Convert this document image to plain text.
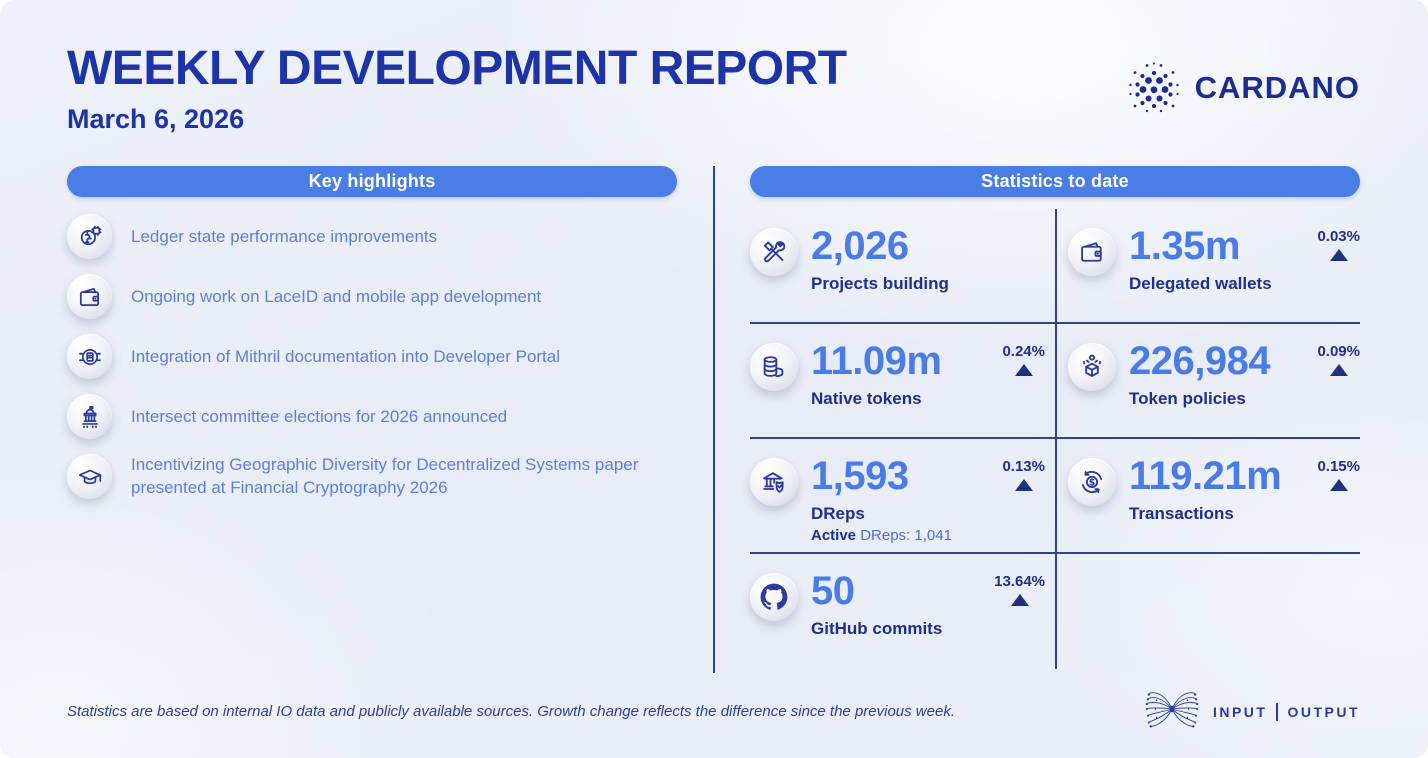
WEEKLY DEVELOPMENT REPORT
March 6, 2026
CARDANO
Key highlights
Ledger state performance improvements
Ongoing work on LaceID and mobile app development
Integration of Mithril documentation into Developer Portal
Intersect committee elections for 2026 announced
Incentivizing Geographic Diversity for Decentralized Systems paper presented at Financial Cryptography 2026
Statistics to date
2,026
Projects building
1.35m
Delegated wallets
0.03%
11.09m
Native tokens
0.24% 226,984
Token policies
0.09%
1,593
DReps
Active DReps: 1,041
0.13%
$ 119.21m
Transactions
0.15%
50
GitHub commits
13.64%
Statistics are based on internal IO data and publicly available sources. Growth change reflects the difference since the previous week.	INPUT OUTPUT
